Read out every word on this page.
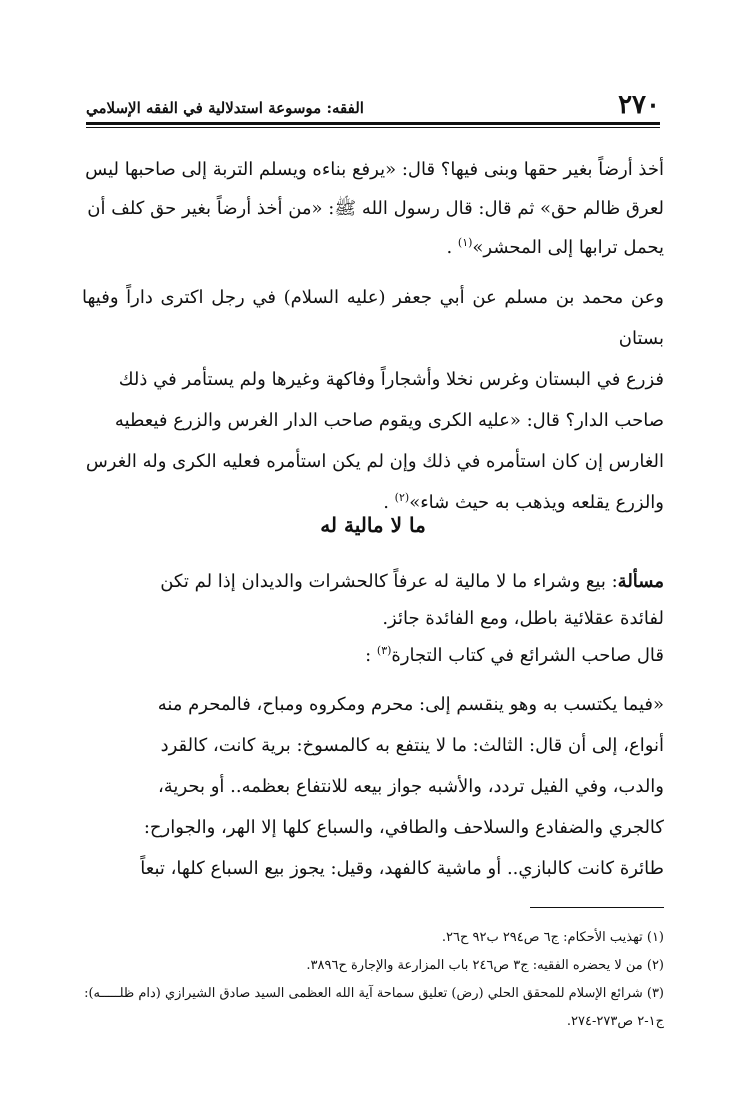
٢٧٠
الفقه: موسوعة استدلالية في الفقه الإسلامي
أخذ أرضاً بغير حقها وبنى فيها؟ قال: «يرفع بناءه ويسلم التربة إلى صاحبها ليس
لعرق ظالم حق» ثم قال: قال رسول الله ﷺ: «من أخذ أرضاً بغير حق كلف أن
يحمل ترابها إلى المحشر»$^{(١)}$ .
وعن محمد بن مسلم عن أبي جعفر (عليه السلام) في رجل اكترى داراً وفيها بستان
فزرع في البستان وغرس نخلا وأشجاراً وفاكهة وغيرها ولم يستأمر في ذلك
صاحب الدار؟ قال: «عليه الكرى ويقوم صاحب الدار الغرس والزرع فيعطيه
الغارس إن كان استأمره في ذلك وإن لم يكن استأمره فعليه الكرى وله الغرس
والزرع يقلعه ويذهب به حيث شاء»$^{(٢)}$ .
ما لا مالية له
مسألة: بيع وشراء ما لا مالية له عرفاً كالحشرات والديدان إذا لم تكن
لفائدة عقلائية باطل، ومع الفائدة جائز.
قال صاحب الشرائع في كتاب التجارة$^{(٣)}$ :
«فيما يكتسب به وهو ينقسم إلى: محرم ومكروه ومباح، فالمحرم منه
أنواع، إلى أن قال: الثالث: ما لا ينتفع به كالمسوخ: برية كانت، كالقرد
والدب، وفي الفيل تردد، والأشبه جواز بيعه للانتفاع بعظمه.. أو بحرية،
كالجري والضفادع والسلاحف والطافي، والسباع كلها إلا الهر، والجوارح:
طائرة كانت كالبازي.. أو ماشية كالفهد، وقيل: يجوز بيع السباع كلها، تبعاً
(١) تهذيب الأحكام: ج٦ ص٢٩٤ ب٩٢ ح٢٦.
(٢) من لا يحضره الفقيه: ج٣ ص٢٤٦ باب المزارعة والإجارة ح٣٨٩٦.
(٣) شرائع الإسلام للمحقق الحلي (رض) تعليق سماحة آية الله العظمى السيد صادق الشيرازي (دام ظلـــــه):
ج١-٢ ص٢٧٣-٢٧٤.
